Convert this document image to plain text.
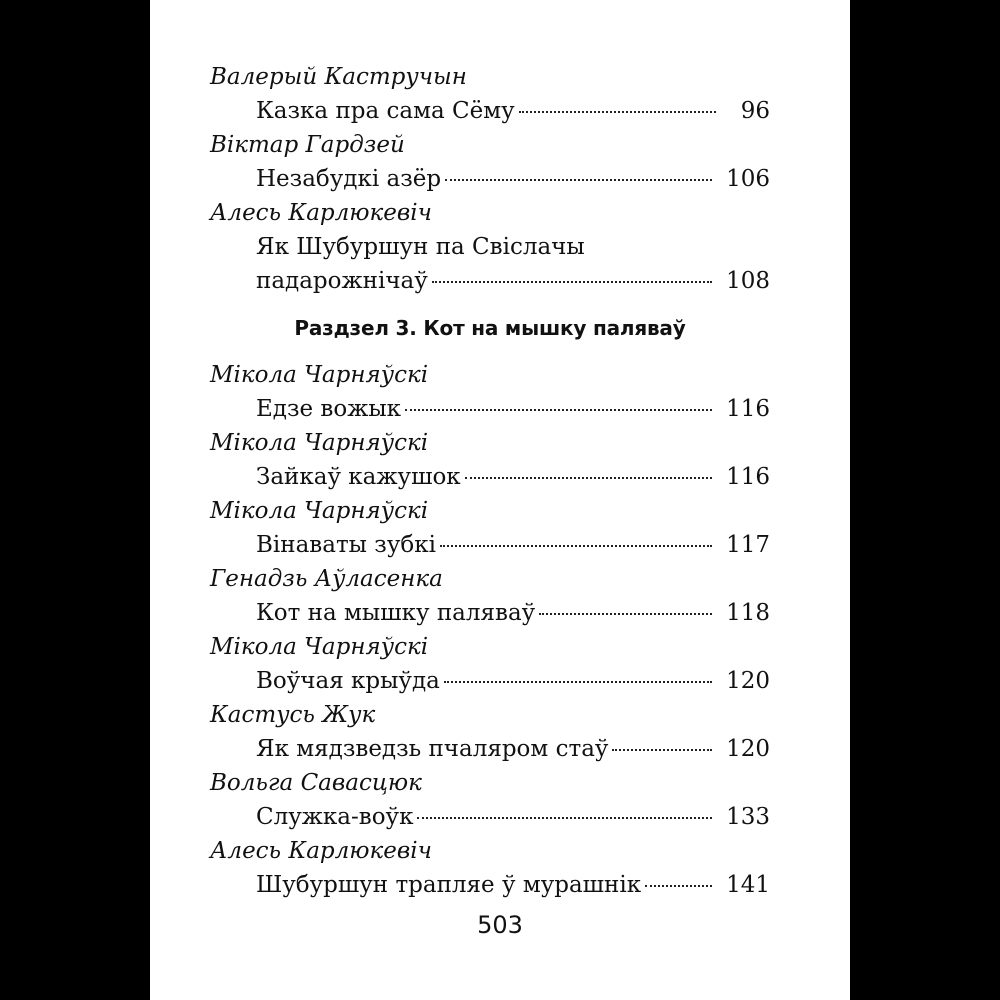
Валерый Кастручын
Казка пра сама Сёму	96
Віктар Гардзей
Незабудкі азёр	106
Алесь Карлюкевіч
Як Шубуршун па Свіслачы
падарожнічаў	108
Раздзел 3. Кот на мышку паляваў
Мікола Чарняўскі
Едзе вожык	116
Мікола Чарняўскі
Зайкаў кажушок	116
Мікола Чарняўскі
Вінаваты зубкі	117
Генадзь Аўласенка
Кот на мышку паляваў	118
Мікола Чарняўскі
Воўчая крыўда	120
Кастусь Жук
Як мядзведзь пчаляром стаў	120
Вольга Савасцюк
Служка-воўк	133
Алесь Карлюкевіч
Шубуршун трапляе ў мурашнік	141
503
